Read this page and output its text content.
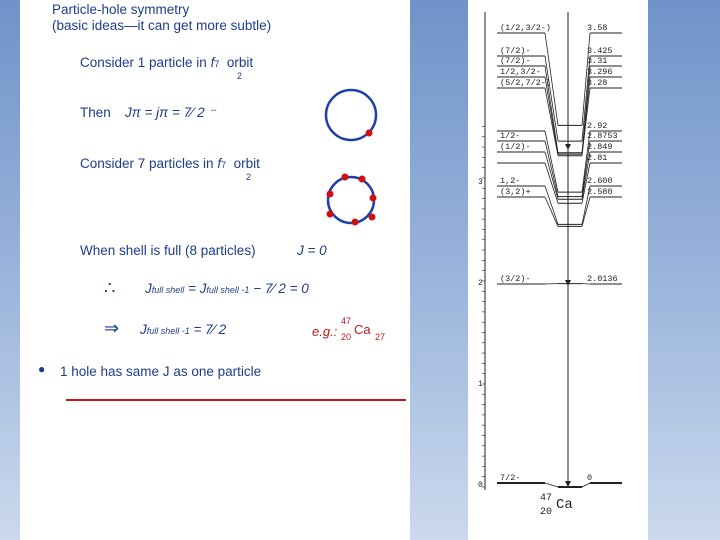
Particle-hole symmetry
(basic ideas—it can get more subtle)
Consider 1 particle in f7 orbit
2
Then Jπ = jπ = 7⁄ 2 ⁻
Consider 7 particles in f7 orbit
2
When shell is full (8 particles)	J = 0
∴ Jfull shell = Jfull shell -1 − 7⁄ 2 = 0
⇒ Jfull shell -1 = 7⁄ 2	e.g.:
47
20 Ca 27
● 1 hole has same J as one particle
0
1
2
3
(1/2,3/2-)	3.58
(7/2)-	3.425
(7/2)-	3.31
1/2,3/2-	3.296
(5/2,7/2-)	3.28
2.92
1/2-	2.8753
(1/2)-	2.849
2.81
1,2-	2.600
(3,2)+	2.580
(3/2)-	2.0136
7/2-	0
47
20 Ca
